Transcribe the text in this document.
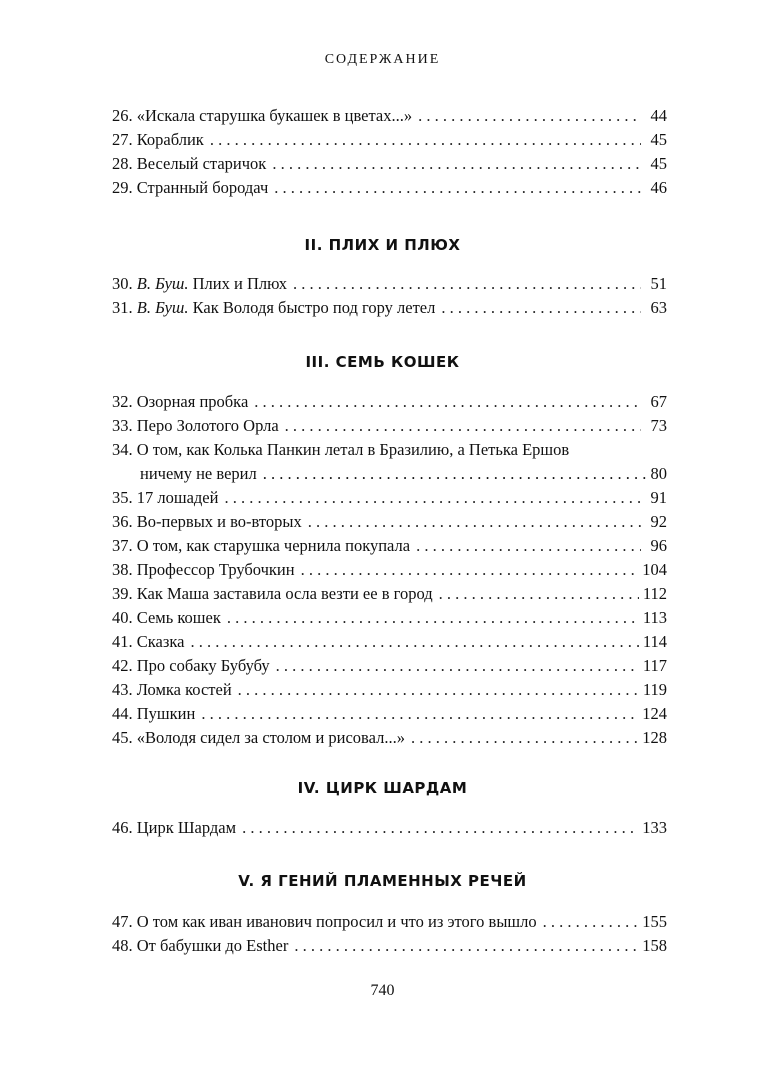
СОДЕРЖАНИЕ
26. «Искала старушка букашек в цветах...» . . .	44
27. Кораблик . . .	45
28. Веселый старичок . . .	45
29. Странный бородач . . .	46
II. ПЛИХ И ПЛЮХ
30. В. Буш. Плих и Плюх . . .	51
31. В. Буш. Как Володя быстро под гору летел . . .	63
III. СЕМЬ КОШЕК
32. Озорная пробка . . .	67
33. Перо Золотого Орла . . .	73
34. О том, как Колька Панкин летал в Бразилию, а Петька Ершов
ничему не верил . . .	80
35. 17 лошадей . . .	91
36. Во-первых и во-вторых . . .	92
37. О том, как старушка чернила покупала . . .	96
38. Профессор Трубочкин . . .	104
39. Как Маша заставила осла везти ее в город . . .	112
40. Семь кошек . . .	113
41. Сказка . . .	114
42. Про собаку Бубубу . . .	117
43. Ломка костей . . .	119
44. Пушкин . . .	124
45. «Володя сидел за столом и рисовал...» . . .	128
IV. ЦИРК ШАРДАМ
46. Цирк Шардам . . .	133
V. Я ГЕНИЙ ПЛАМЕННЫХ РЕЧЕЙ
47. О том как иван иванович попросил и что из этого вышло . . .	155
48. От бабушки до Esther . . .	158
740
